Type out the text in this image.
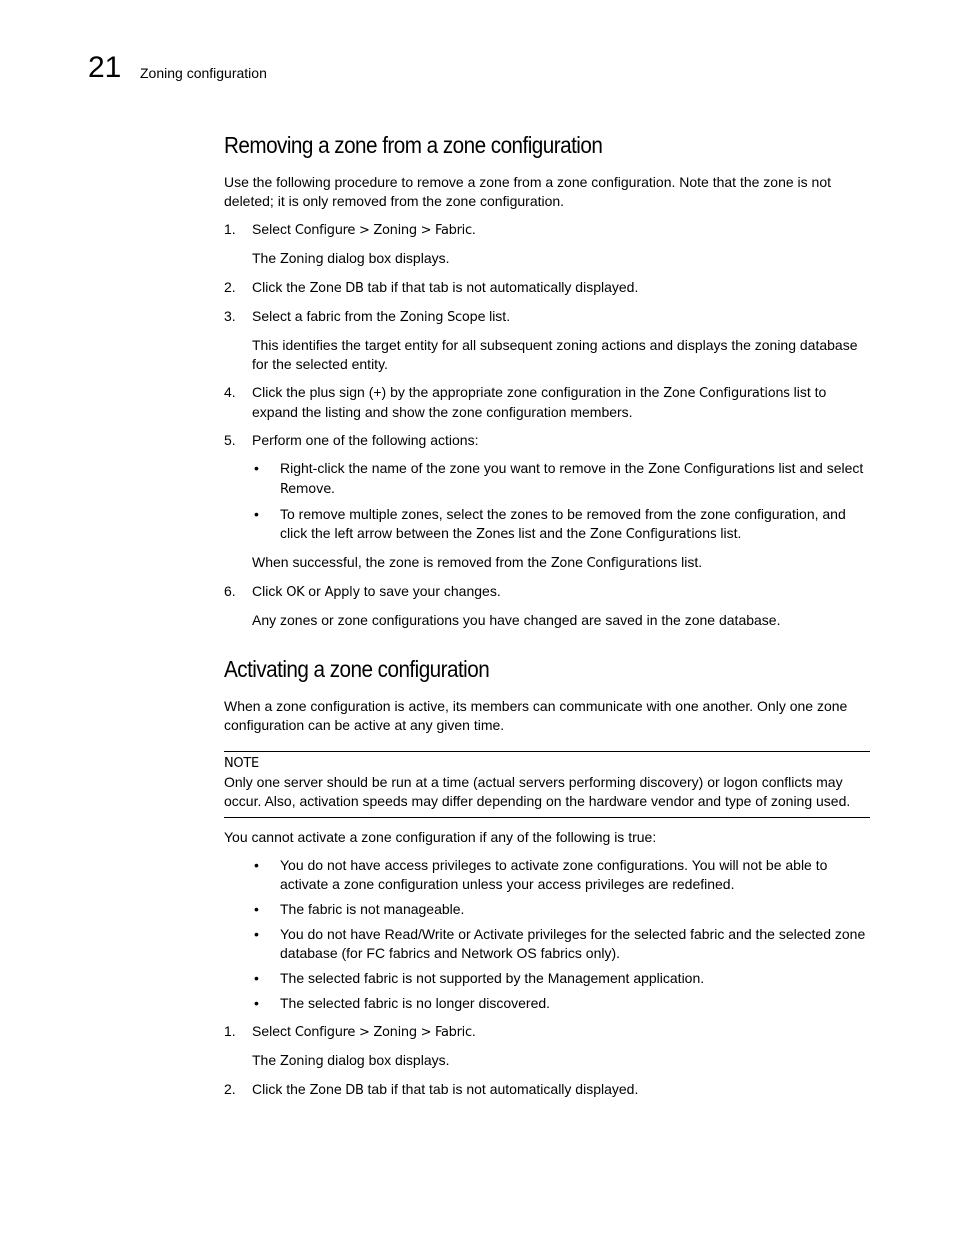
21 Zoning configuration
Removing a zone from a zone configuration

Use the following procedure to remove a zone from a zone configuration. Note that the zone is not deleted; it is only removed from the zone configuration.

1. Select Configure > Zoning > Fabric.
The Zoning dialog box displays.
2. Click the Zone DB tab if that tab is not automatically displayed.
3. Select a fabric from the Zoning Scope list.

This identifies the target entity for all subsequent zoning actions and displays the zoning database for the selected entity.

4. Click the plus sign (+) by the appropriate zone configuration in the Zone Configurations list to expand the listing and show the zone configuration members.
5. Perform one of the following actions:
• Right-click the name of the zone you want to remove in the Zone Configurations list and select Remove.
• To remove multiple zones, select the zones to be removed from the zone configuration, and click the left arrow between the Zones list and the Zone Configurations list.
When successful, the zone is removed from the Zone Configurations list.
6. Click OK or Apply to save your changes.

Any zones or zone configurations you have changed are saved in the zone database.

Activating a zone configuration

When a zone configuration is active, its members can communicate with one another. Only one zone configuration can be active at any given time.

NOTE
Only one server should be run at a time (actual servers performing discovery) or logon conflicts may occur. Also, activation speeds may differ depending on the hardware vendor and type of zoning used.

You cannot activate a zone configuration if any of the following is true:

• You do not have access privileges to activate zone configurations. You will not be able to activate a zone configuration unless your access privileges are redefined.
• The fabric is not manageable.
• You do not have Read/Write or Activate privileges for the selected fabric and the selected zone database (for FC fabrics and Network OS fabrics only).
• The selected fabric is not supported by the Management application.
• The selected fabric is no longer discovered.
1. Select Configure > Zoning > Fabric.
The Zoning dialog box displays.
2. Click the Zone DB tab if that tab is not automatically displayed.
